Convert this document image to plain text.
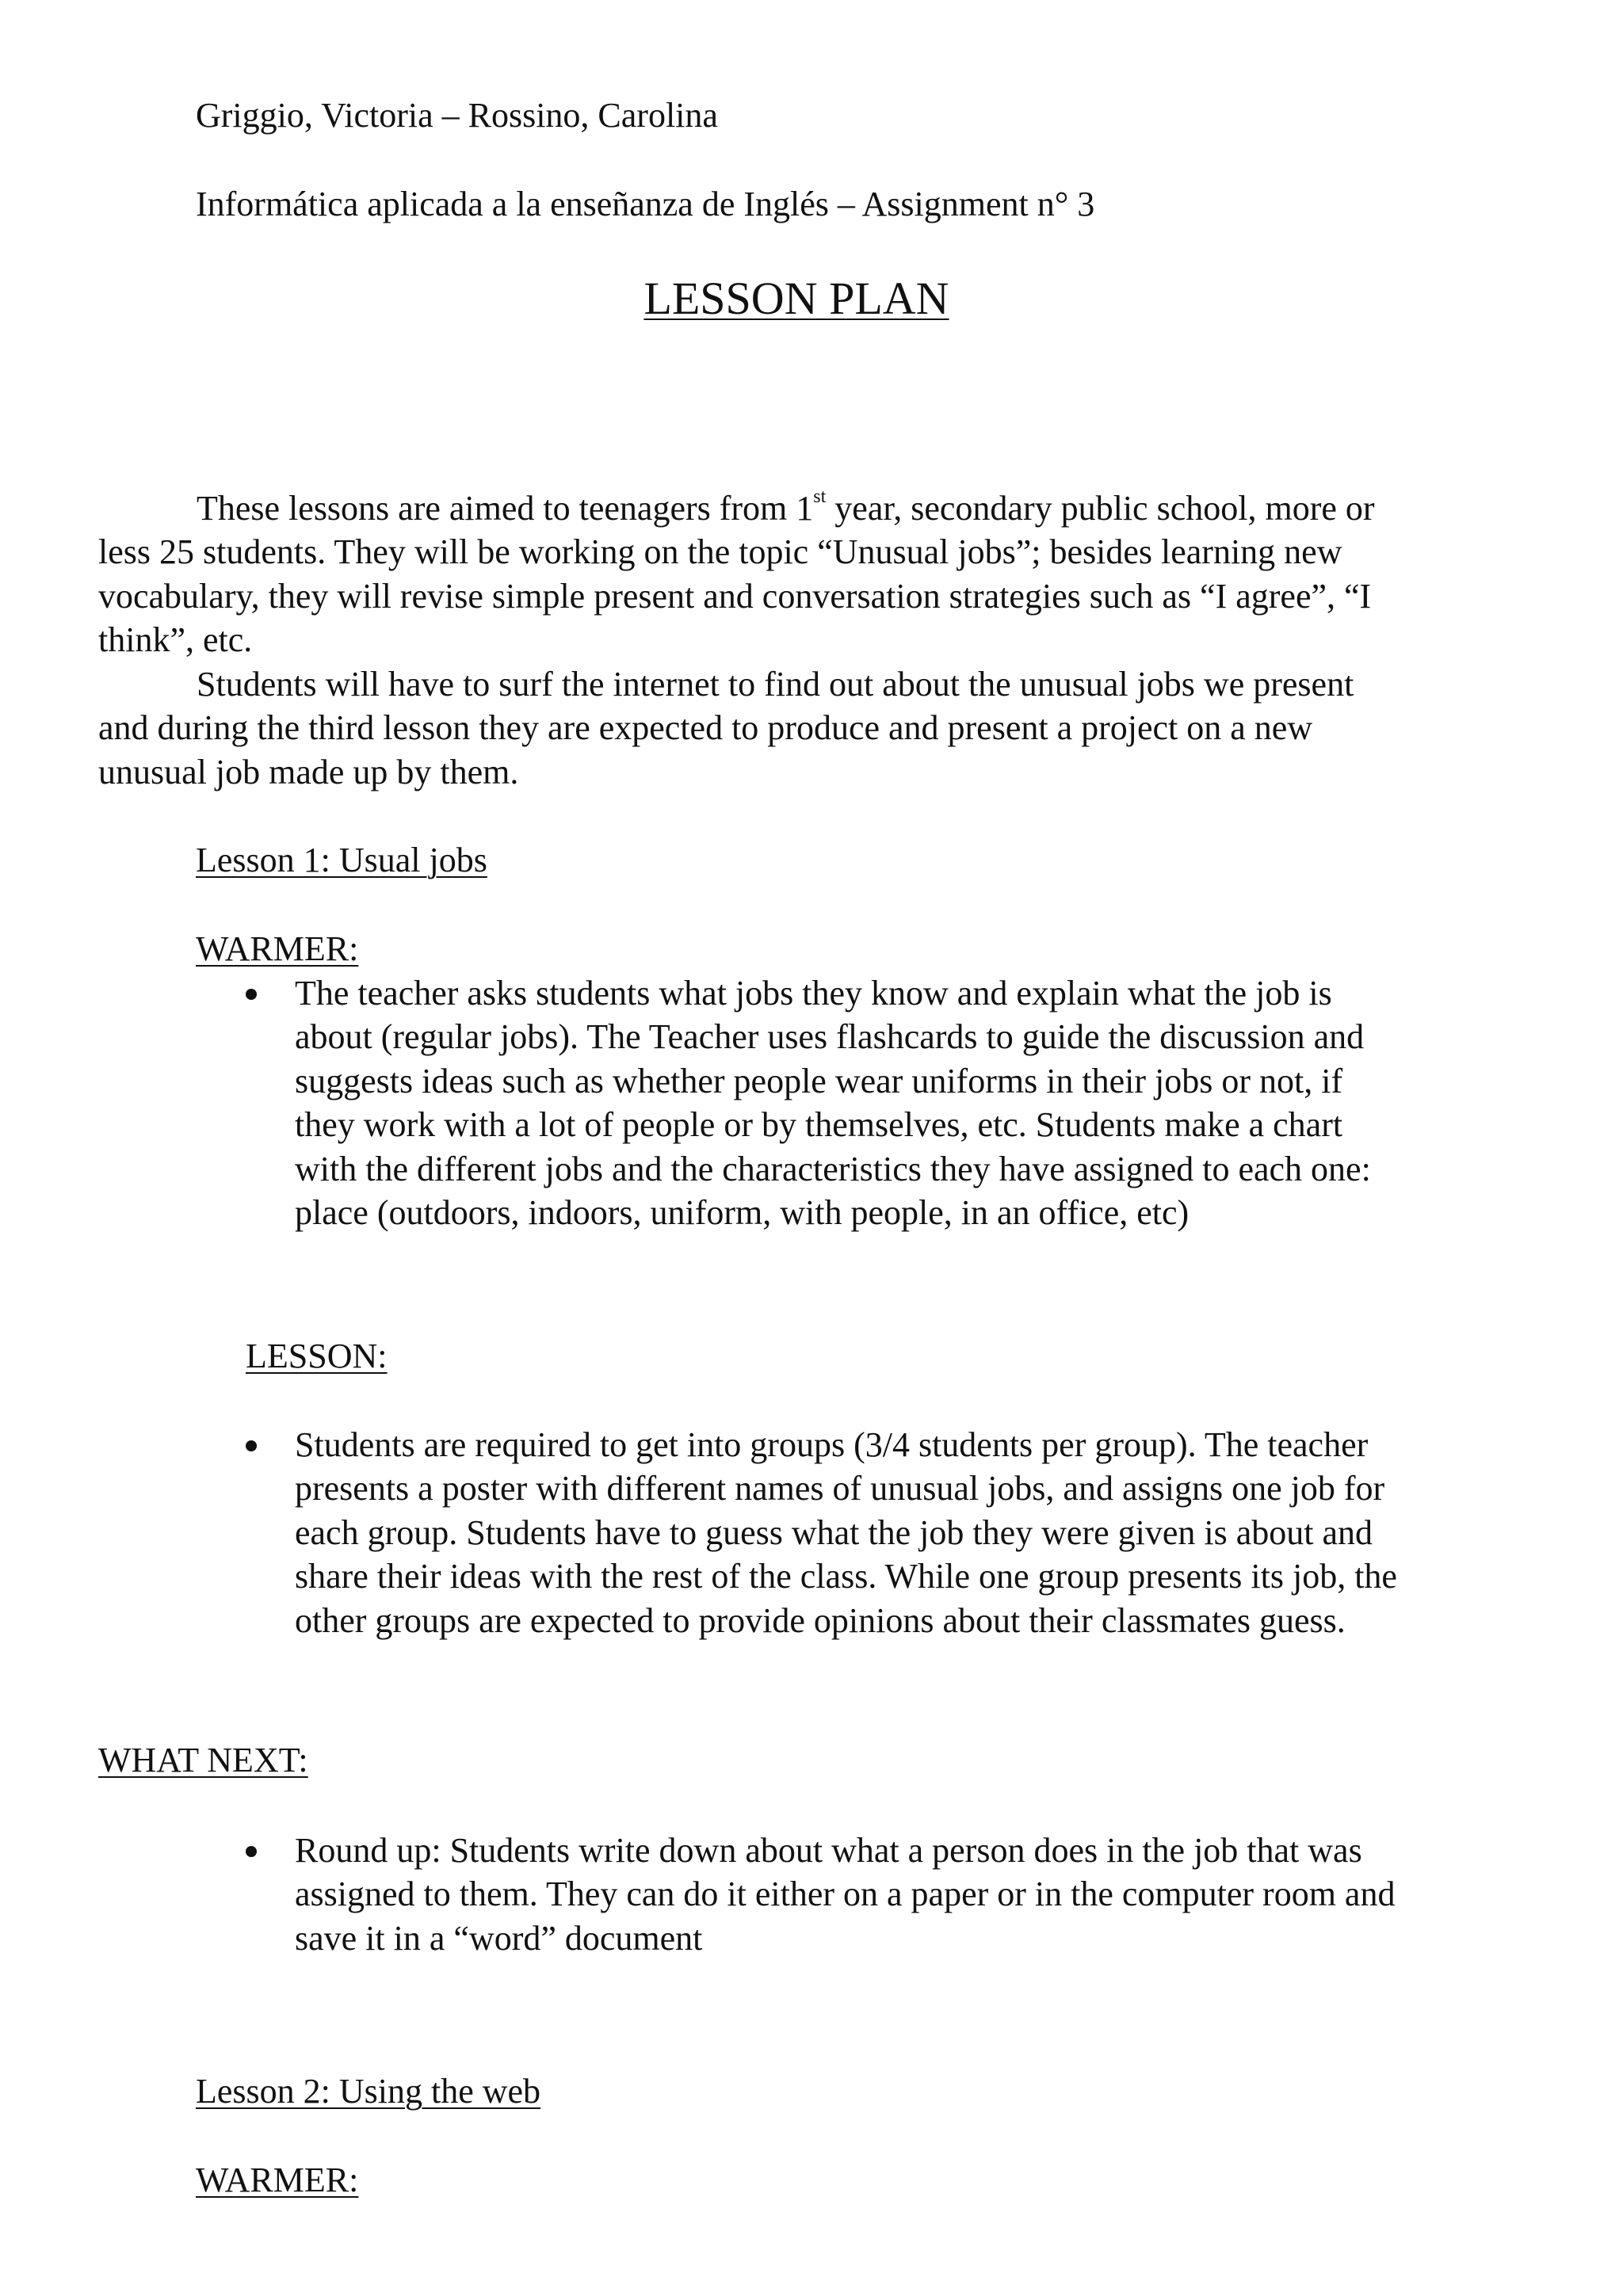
Griggio, Victoria – Rossino, Carolina
Informática aplicada a la enseñanza de Inglés – Assignment n° 3
LESSON PLAN

These lessons are aimed to teenagers from 1st year, secondary public school, more or less 25 students. They will be working on the topic “Unusual jobs”; besides learning new vocabulary, they will revise simple present and conversation strategies such as “I agree”, “I think”, etc.

Students will have to surf the internet to find out about the unusual jobs we present and during the third lesson they are expected to produce and present a project on a new unusual job made up by them.

Lesson 1: Usual jobs
WARMER:
The teacher asks students what jobs they know and explain what the job is about (regular jobs). The Teacher uses flashcards to guide the discussion and suggests ideas such as whether people wear uniforms in their jobs or not, if they work with a lot of people or by themselves, etc. Students make a chart with the different jobs and the characteristics they have assigned to each one: place (outdoors, indoors, uniform, with people, in an office, etc)
LESSON:
Students are required to get into groups (3/4 students per group). The teacher presents a poster with different names of unusual jobs, and assigns one job for each group. Students have to guess what the job they were given is about and share their ideas with the rest of the class. While one group presents its job, the other groups are expected to provide opinions about their classmates guess.
WHAT NEXT:
Round up: Students write down about what a person does in the job that was assigned to them. They can do it either on a paper or in the computer room and save it in a “word” document
Lesson 2: Using the web
WARMER:
